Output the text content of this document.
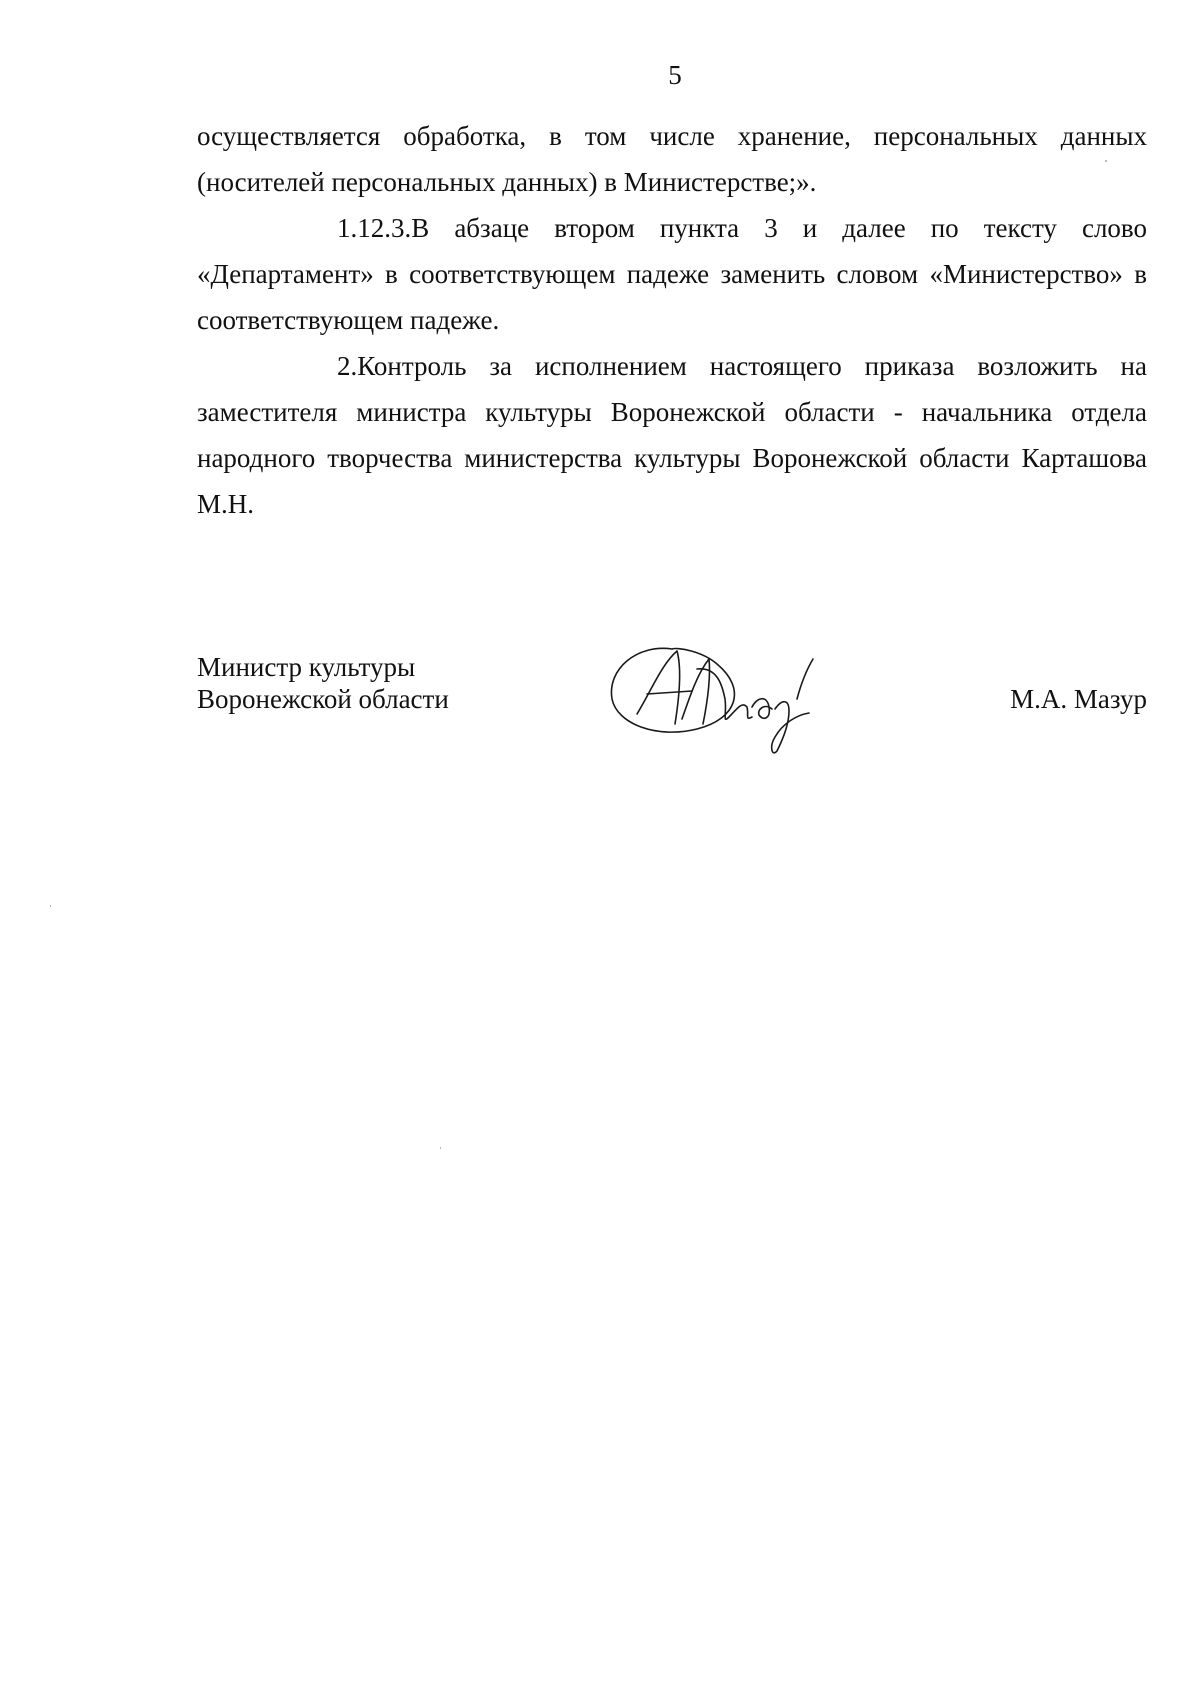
5

осуществляется обработка, в том числе хранение, персональных данных (носителей персональных данных) в Министерстве;».

1.12.3.В абзаце втором пункта 3 и далее по тексту слово «Департамент» в соответствующем падеже заменить словом «Министерство» в соответствующем падеже.

2.Контроль за исполнением настоящего приказа возложить на заместителя министра культуры Воронежской области - начальника отдела народного творчества министерства культуры Воронежской области Карташова М.Н.

Министр культуры
Воронежской области	М.А. Мазур
